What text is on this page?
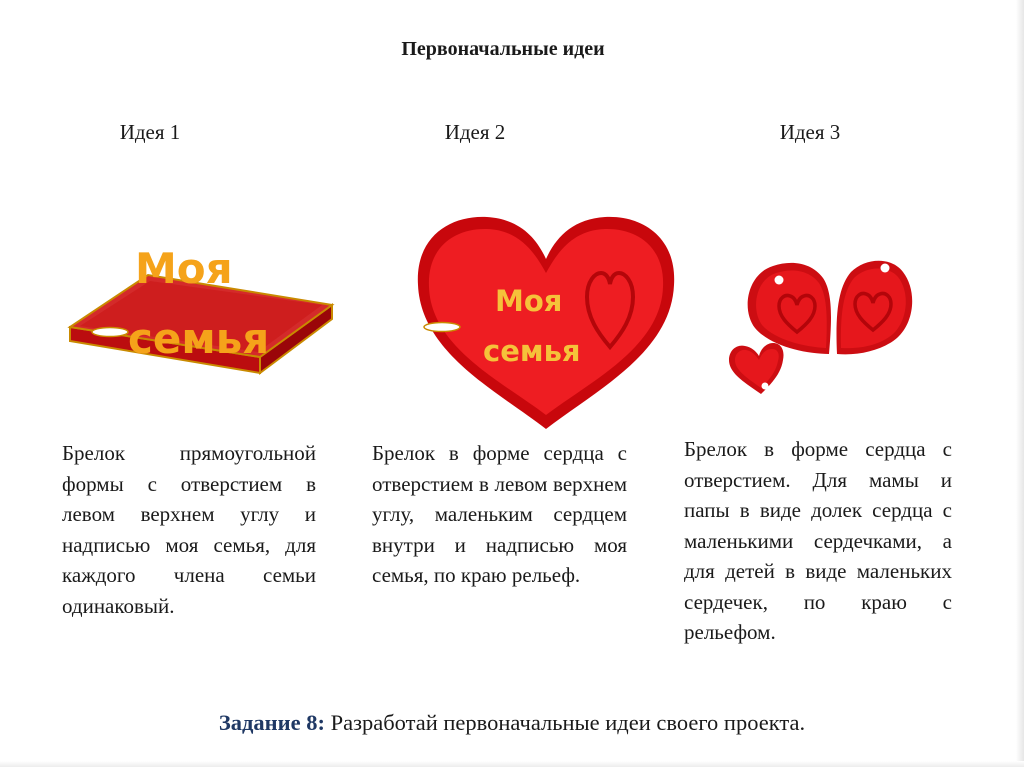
Первоначальные идеи
Идея 1	Идея 2	Идея 3
Моя
семья
Моя
семья
Брелок прямоугольной формы с отверстием в левом верхнем углу и надписью моя семья, для каждого члена семьи одинаковый.
Брелок в форме сердца с отверстием в левом верхнем углу, маленьким сердцем внутри и надписью моя семья, по краю рельеф.
Брелок в форме сердца с отверстием. Для мамы и папы в виде долек сердца с маленькими сердечками, а для детей в виде маленьких сердечек, по краю с рельефом.
Задание 8: Разработай первоначальные идеи своего проекта.
